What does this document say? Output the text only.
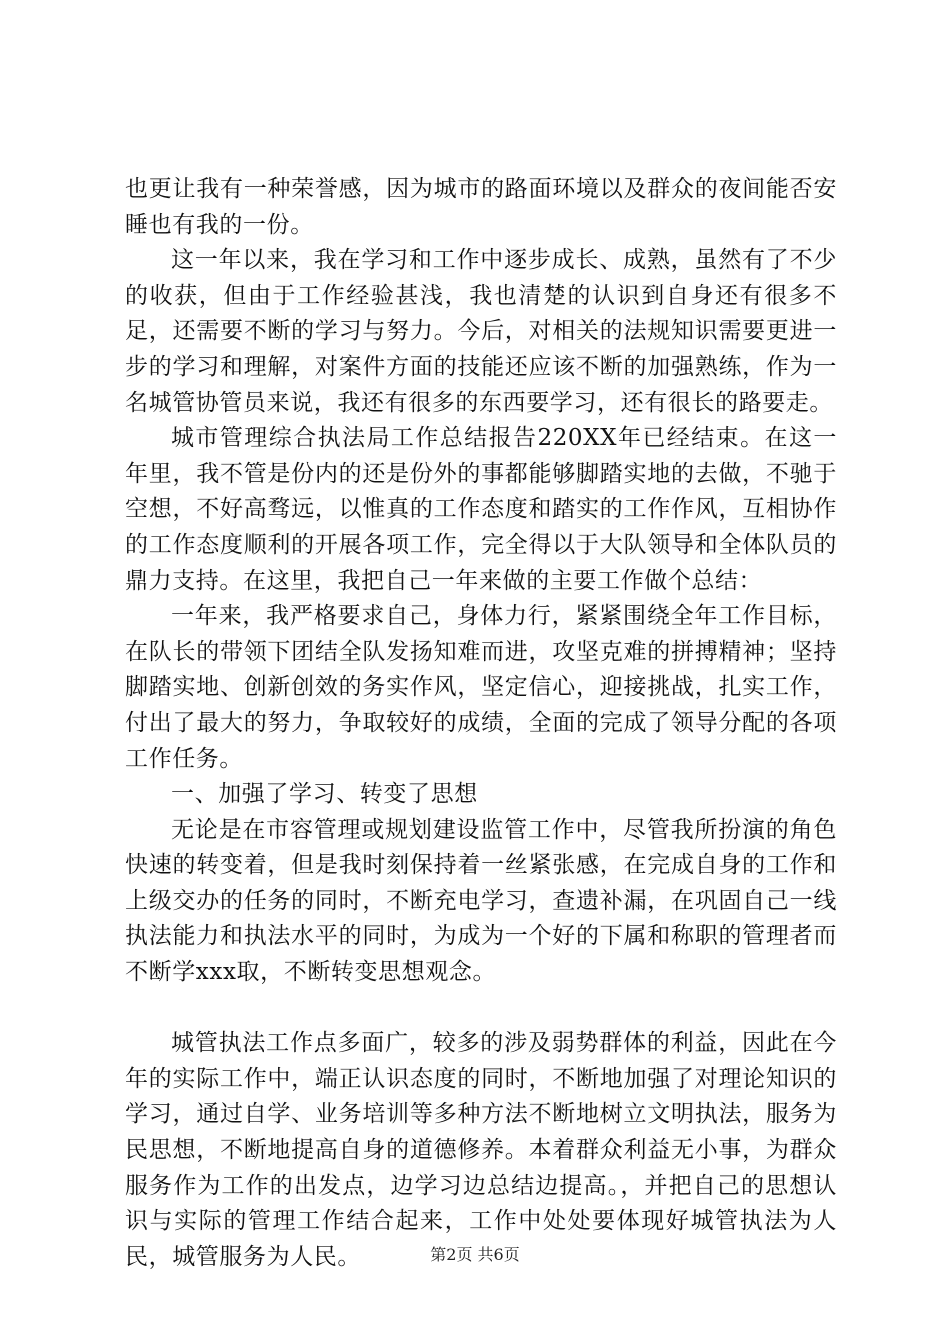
也更让我有一种荣誉感，因为城市的路面环境以及群众的夜间能否安睡也有我的一份。

这一年以来，我在学习和工作中逐步成长、成熟，虽然有了不少的收获，但由于工作经验甚浅，我也清楚的认识到自身还有很多不足，还需要不断的学习与努力。今后，对相关的法规知识需要更进一步的学习和理解，对案件方面的技能还应该不断的加强熟练，作为一名城管协管员来说，我还有很多的东西要学习，还有很长的路要走。

城市管理综合执法局工作总结报告220XX年已经结束。在这一年里，我不管是份内的还是份外的事都能够脚踏实地的去做，不驰于空想，不好高骛远，以惟真的工作态度和踏实的工作作风，互相协作的工作态度顺利的开展各项工作，完全得以于大队领导和全体队员的鼎力支持。在这里，我把自己一年来做的主要工作做个总结：

一年来，我严格要求自己，身体力行，紧紧围绕全年工作目标，在队长的带领下团结全队发扬知难而进，攻坚克难的拼搏精神；坚持脚踏实地、创新创效的务实作风，坚定信心，迎接挑战，扎实工作，付出了最大的努力，争取较好的成绩，全面的完成了领导分配的各项工作任务。

一、加强了学习、转变了思想

无论是在市容管理或规划建设监管工作中，尽管我所扮演的角色快速的转变着，但是我时刻保持着一丝紧张感，在完成自身的工作和上级交办的任务的同时，不断充电学习，查遗补漏，在巩固自己一线执法能力和执法水平的同时，为成为一个好的下属和称职的管理者而不断学xxx取，不断转变思想观念。

城管执法工作点多面广，较多的涉及弱势群体的利益，因此在今年的实际工作中，端正认识态度的同时，不断地加强了对理论知识的学习，通过自学、业务培训等多种方法不断地树立文明执法，服务为民思想，不断地提高自身的道德修养。本着群众利益无小事，为群众服务作为工作的出发点，边学习边总结边提高。，并把自己的思想认识与实际的管理工作结合起来，工作中处处要体现好城管执法为人民，城管服务为人民。	第2页 共6页
